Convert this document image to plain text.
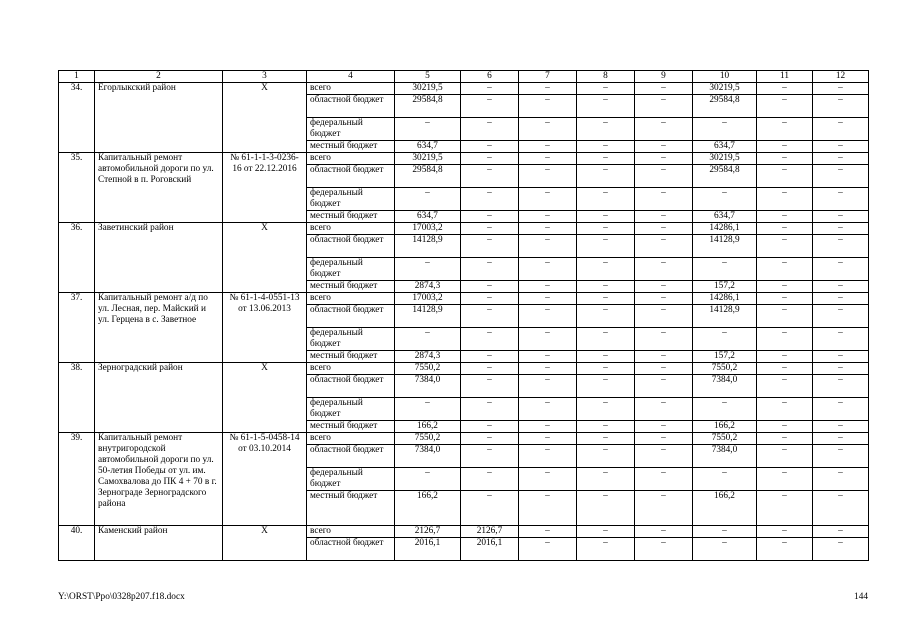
1	2	3	4	5	6	7	8	9	10	11	12
34.	Егорлыкский район	Х	всего	30219,5	–	–	–	–	30219,5	–	–
			областной бюджет	29584,8	–	–	–	–	29584,8	–	–
			федеральный бюджет	–	–	–	–	–	–	–	–
			местный бюджет	634,7	–	–	–	–	634,7	–	–
35.	Капитальный ремонт автомобильной дороги по ул. Степной в п. Роговский	№ 61-1-1-3-0236-16 от 22.12.2016	всего	30219,5	–	–	–	–	30219,5	–	–
			областной бюджет	29584,8	–	–	–	–	29584,8	–	–
			федеральный бюджет	–	–	–	–	–	–	–	–
			местный бюджет	634,7	–	–	–	–	634,7	–	–
36.	Заветинский район	Х	всего	17003,2	–	–	–	–	14286,1	–	–
			областной бюджет	14128,9	–	–	–	–	14128,9	–	–
			федеральный бюджет	–	–	–	–	–	–	–	–
			местный бюджет	2874,3	–	–	–	–	157,2	–	–
37.	Капитальный ремонт а/д по ул. Лесная, пер. Майский и ул. Герцена в с. Заветное	№ 61-1-4-0551-13 от 13.06.2013	всего	17003,2	–	–	–	–	14286,1	–	–
			областной бюджет	14128,9	–	–	–	–	14128,9	–	–
			федеральный бюджет	–	–	–	–	–	–	–	–
			местный бюджет	2874,3	–	–	–	–	157,2	–	–
38.	Зерноградский район	Х	всего	7550,2	–	–	–	–	7550,2	–	–
			областной бюджет	7384,0	–	–	–	–	7384,0	–	–
			федеральный бюджет	–	–	–	–	–	–	–	–
			местный бюджет	166,2	–	–	–	–	166,2	–	–
39.	Капитальный ремонт внутригородской автомобильной дороги по ул. 50-летия Победы от ул. им. Самохвалова до ПК 4 + 70 в г. Зернограде Зерноградского района	№ 61-1-5-0458-14 от 03.10.2014	всего	7550,2	–	–	–	–	7550,2	–	–
			областной бюджет	7384,0	–	–	–	–	7384,0	–	–
			федеральный бюджет	–	–	–	–	–	–	–	–
			местный бюджет	166,2	–	–	–	–	166,2	–	–
40.	Каменский район	Х	всего	2126,7	2126,7	–	–	–	–	–	–
			областной бюджет	2016,1	2016,1	–	–	–	–	–	–
Y:\ORST\Ppo\0328p207.f18.docx	144
